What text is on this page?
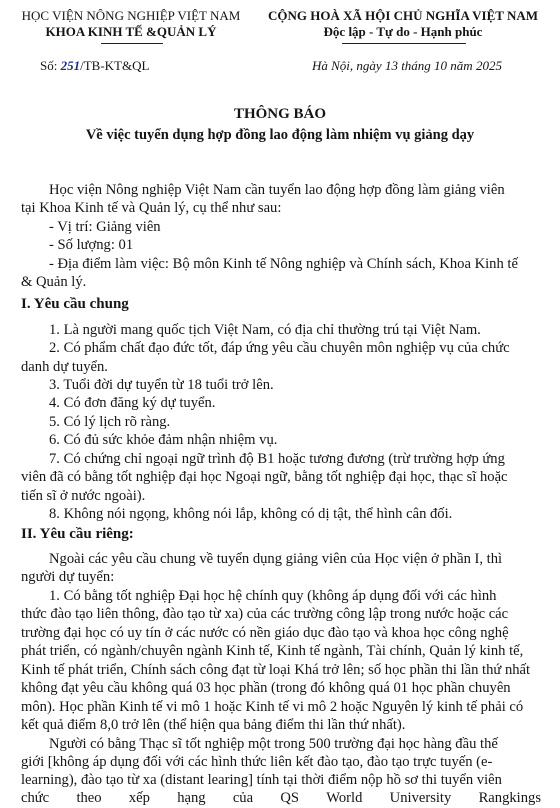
HỌC VIỆN NÔNG NGHIỆP VIỆT NAM
KHOA KINH TẾ &QUẢN LÝ
CỘNG HOÀ XÃ HỘI CHỦ NGHĨA VIỆT NAM
Độc lập - Tự do - Hạnh phúc
Số: 251/TB-KT&QL	Hà Nội, ngày 13 tháng 10 năm 2025
THÔNG BÁO
Về việc tuyển dụng hợp đồng lao động làm nhiệm vụ giảng dạy
Học viện Nông nghiệp Việt Nam cần tuyển lao động hợp đồng làm giảng viên
tại Khoa Kinh tế và Quản lý, cụ thể như sau:
- Vị trí: Giảng viên
- Số lượng: 01
- Địa điểm làm việc: Bộ môn Kinh tế Nông nghiệp và Chính sách, Khoa Kinh tế
& Quản lý.
I. Yêu cầu chung
1. Là người mang quốc tịch Việt Nam, có địa chỉ thường trú tại Việt Nam.
2. Có phẩm chất đạo đức tốt, đáp ứng yêu cầu chuyên môn nghiệp vụ của chức
danh dự tuyển.
3. Tuổi đời dự tuyển từ 18 tuổi trở lên.
4. Có đơn đăng ký dự tuyển.
5. Có lý lịch rõ ràng.
6. Có đủ sức khỏe đảm nhận nhiệm vụ.
7. Có chứng chỉ ngoại ngữ trình độ B1 hoặc tương đương (trừ trường hợp ứng
viên đã có bằng tốt nghiệp đại học Ngoại ngữ, bằng tốt nghiệp đại học, thạc sĩ hoặc
tiến sĩ ở nước ngoài).
8. Không nói ngọng, không nói lắp, không có dị tật, thể hình cân đối.
II. Yêu cầu riêng:
Ngoài các yêu cầu chung về tuyển dụng giảng viên của Học viện ở phần I, thì
người dự tuyển:
1. Có bằng tốt nghiệp Đại học hệ chính quy (không áp dụng đối với các hình
thức đào tạo liên thông, đào tạo từ xa) của các trường công lập trong nước hoặc các
trường đại học có uy tín ở các nước có nền giáo dục đào tạo và khoa học công nghệ
phát triển, có ngành/chuyên ngành Kinh tế, Kinh tế ngành, Tài chính, Quản lý kinh tế,
Kinh tế phát triển, Chính sách công đạt từ loại Khá trở lên; số học phần thi lần thứ nhất
không đạt yêu cầu không quá 03 học phần (trong đó không quá 01 học phần chuyên
môn). Học phần Kinh tế vi mô 1 hoặc Kinh tế vi mô 2 hoặc Nguyên lý kinh tế phải có
kết quả điểm 8,0 trở lên (thể hiện qua bảng điểm thi lần thứ nhất).
Người có bằng Thạc sĩ tốt nghiệp một trong 500 trường đại học hàng đầu thế
giới [không áp dụng đối với các hình thức liên kết đào tạo, đào tạo trực tuyến (e-
learning), đào tạo từ xa (distant learing] tính tại thời điểm nộp hồ sơ thi tuyển viên
chức theo xếp hạng của QS World University Rangkings
